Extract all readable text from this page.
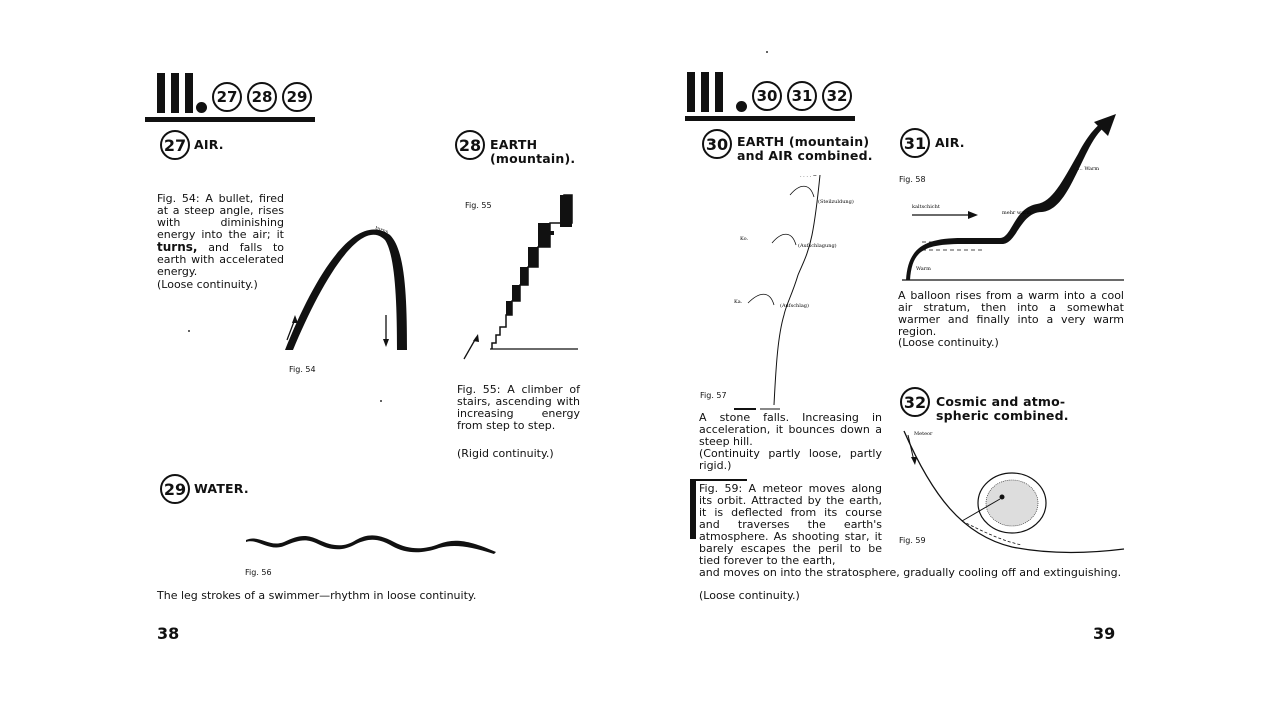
27 28 29
27 AIR.
Fig. 54: A bullet, fired at a steep angle, rises with diminishing energy into the air; it turns, and falls to earth with accelerated energy.
(Loose continuity.)
turns
Fig. 54
28 EARTH
(mountain).
Fig. 55
Fig. 55: A climber of stairs, ascending with increasing energy from step to step.
(Rigid continuity.)
29 WATER.
Fig. 56
The leg strokes of a swimmer—rhythm in loose continuity.
38
30 31 32
30 EARTH (mountain)
and AIR combined.
. . . . ~
(Steilzuldung)
(Aufschlagung)
(Aufschlag)
Ko.
Ka.
Fig. 57
A stone falls. Increasing in acceleration, it bounces down a steep hill.
(Continuity partly loose, partly rigid.)
31 AIR.
Fig. 58
kaltschicht
mehr warm
... Warm
Warm
A balloon rises from a warm into a cool air stratum, then into a somewhat warmer and finally into a very warm region.
(Loose continuity.)
32 Cosmic and atmo-
spheric combined.
Meteor
Fig. 59
Fig. 59: A meteor moves along its orbit. Attracted by the earth, it is deflected from its course and traverses the earth's atmosphere. As shooting star, it barely escapes the peril to be tied forever to the earth,
and moves on into the stratosphere, gradually cooling off and extinguishing.
(Loose continuity.)
39
